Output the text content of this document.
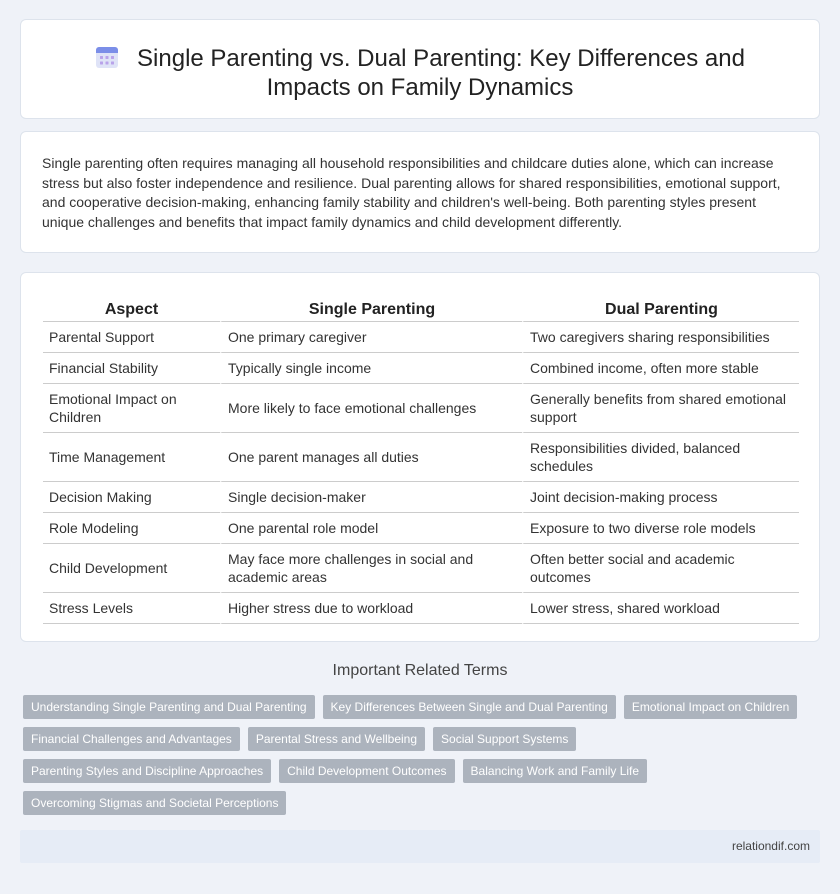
Single Parenting vs. Dual Parenting: Key Differences and Impacts on Family Dynamics

Single parenting often requires managing all household responsibilities and childcare duties alone, which can increase stress but also foster independence and resilience. Dual parenting allows for shared responsibilities, emotional support, and cooperative decision-making, enhancing family stability and children's well-being. Both parenting styles present unique challenges and benefits that impact family dynamics and child development differently.

Aspect	Single Parenting	Dual Parenting
Parental Support	One primary caregiver	Two caregivers sharing responsibilities
Financial Stability	Typically single income	Combined income, often more stable
Emotional Impact on Children	More likely to face emotional challenges	Generally benefits from shared emotional support
Time Management	One parent manages all duties	Responsibilities divided, balanced schedules
Decision Making	Single decision-maker	Joint decision-making process
Role Modeling	One parental role model	Exposure to two diverse role models
Child Development	May face more challenges in social and academic areas	Often better social and academic outcomes
Stress Levels	Higher stress due to workload	Lower stress, shared workload
Important Related Terms
Understanding Single Parenting and Dual Parenting	Key Differences Between Single and Dual Parenting	Emotional Impact on Children
Financial Challenges and Advantages	Parental Stress and Wellbeing	Social Support Systems
Parenting Styles and Discipline Approaches	Child Development Outcomes	Balancing Work and Family Life
Overcoming Stigmas and Societal Perceptions
relationdif.com
